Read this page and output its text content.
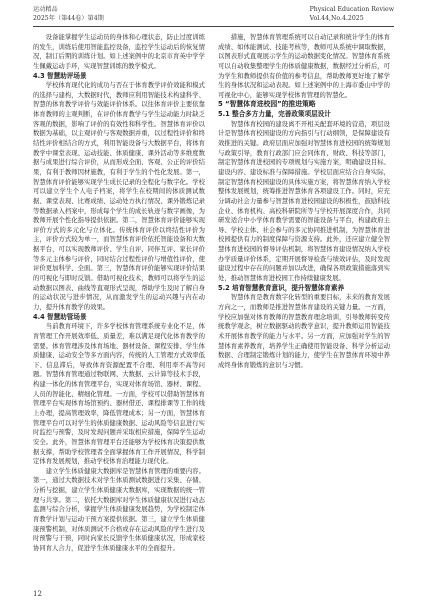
运动精品
2025年（第44卷）第4期
Physical Education Review
Vol.44,No.4.2025

设备能掌握学生运动员的身体和心理状态，防止过度训练的发生，训练后使用智能监控设备，监控学生运动后的恢复情况，制订后期的训练计划。如上述案例中的北京市育英中学学生佩戴运动手环，实现智慧训练的教学模式。

4.3 智慧助评场景

学校体育现代化的成功与否在于体育教学评价效能和模式的选择与建构，大数据时代，教师应利用智能技术构建科学、智慧的体育教学评价与效能评价体系。以往体育评价主要依靠体育教师的主观判断，在评价体育教学与学生运动能力时缺乏客观的数据，影响了评价的有效性和科学性。智慧体育评价以数据为基础，以主观评价与客观数据并重，以过程性评价和终结性评价相结合的方式，利用智能设备与大数据平台，将体育教学中课堂表现、运动技能、体质健康、课外活动等多维度数据与成果进行综合评价，从而形成全面、客观、公正的评价结果，有利于教师因材施教，有利于学生的个性化发展。第一，智慧体育评价能够实现学生成长记录的全程化与数字化。学校可以建立学生个人电子档案，将学生在校期间的体质测试数据、课堂表现、比赛成绩、运动处方执行情况、课外锻炼记录等数据录入档案中，形成每个学生的成长轨迹与数字画像，为教师开展个性化指导提供依据。第二，智慧体育评价能够实现评价方式的多元化与立体化。传统体育评价以终结性评价为主，评价方式较为单一，而智慧体育评价依托智能设备和大数据平台，可以实现教师评价、学生自评、同伴互评、家长评价等多元主体参与评价，同时结合过程性评价与增值性评价，使评价更加科学、全面。第三，智慧体育评价能够实现评价结果的可视化与即时反馈。借助可视化技术，教师可以将学生的运动数据以图表、曲线等直观形式呈现，帮助学生及时了解自身的运动状况与进步情况，从而激发学生的运动兴趣与内在动力，提升体育教学的效果。

4.4 智慧助管场景

当前教育环境下，许多学校体育管理系统专业化不足，体育管理工作开展效率低、质量差，难以满足现代化体育教学的需要。体育管理涉及体育场地、器材设备、课程安排、学生体质健康、运动安全等多方面内容，传统的人工管理方式效率低下、信息滞后，导致体育资源配置不合理、利用率不高等问题。智慧体育管理通过物联网、大数据、云计算等技术手段，构建一体化的体育管理平台，实现对体育场馆、器材、课程、人员的智能化、精细化管理。一方面，学校可以借助智慧体育管理平台实现体育场馆预约、器材借还、课程排课等工作的线上办理，提高管理效率，降低管理成本；另一方面，智慧体育管理平台可以对学生的体质健康数据、运动风险等信息进行实时监控与预警，及时发现问题并采取相应措施，保障学生运动安全。此外，智慧体育管理平台还能够为学校体育决策提供数据支撑，帮助学校管理者全面掌握体育工作开展情况，科学制定体育发展规划，推动学校体育治理能力现代化。

建立学生体质健康大数据库是智慧体育管理的重要内容。第一，通过大数据技术对学生体质测试数据进行采集、存储、分析与挖掘，建立学生体质健康大数据库，实现数据的统一管理与共享。第二，依托大数据库对学生体质健康状况进行动态监测与综合分析，掌握学生体质健康发展趋势，为学校制定体育教学计划与运动干预方案提供依据。第三，建立学生体质健康预警机制，对体质测试不合格或存在运动风险的学生进行及时预警与干预，同时向家长反馈学生体质健康状况，形成家校协同育人合力，促进学生体质健康水平的全面提升。

措施，智慧体育管理系统可以自动记录和统计学生的体育成绩、如体能测试、技能考核等，教师可从系统中调取数据，以图表形式直观展示学生的运动数据变化情况。智慧体育系统可以自动收集整理学生的体质健康数据，数据经过分析后，可为学生和教师提供有价值的参考信息，帮助教师更好地了解学生的身体状况和运动表现。如上述案例中的上海市委山中学的可视化中心，能够实现学校体育管理的智慧化。

5 “智慧体育进校园”的推进策略
5.1 整合多方力量，完善政策项层设计

智慧体育校园的建设离不开相关配套环境的营造，项层设计是智慧体育校园建设的方向指引与行动纲领，是保障建设有效推进的关键。政府层面应加强对智慧体育进校园的统筹规划与政策引导，教育行政部门应会同体育、财政、科技等部门，制定智慧体育进校园的专项规划与实施方案，明确建设目标、建设内容、建设标准与保障措施。学校层面应结合自身实际，制定智慧体育校园建设的具体实施方案，将智慧体育纳入学校整体发展规划，统筹推进智慧体育各项建设工作。同时，应充分调动社会力量参与智慧体育进校园建设的积极性，鼓励科技企业、体育机构、高校科研院所等与学校开展深度合作，共同研发适合中小学体育教学需要的智能设备与平台，构建政府主导、学校主体、社会参与的多元协同推进机制，为智慧体育进校园提供有力的制度保障与资源支持。此外，还应建立健全智慧体育进校园的督导评估机制，将智慧体育建设情况纳入学校办学质量评价体系，定期开展督导检查与绩效评估，及时发现建设过程中存在的问题并加以改进，确保各项政策措施落到实处，推动智慧体育进校园工作持续健康发展。

5.2 培育智慧教育意识，提升智慧体育素养

智慧体育是教育数字化转型的重要目标，未来的教育发展方向之一，而教师是推进智慧体育建设的关键力量。一方面，学校应加强对体育教师的智慧教育理念培训，引导教师转变传统教学观念，树立数据驱动的教学意识，提升教师运用智能技术开展体育教学的能力与水平。另一方面，应加强对学生的智慧体育素养教育，培养学生正确使用智能设备、科学分析运动数据、合理制定锻炼计划的能力，使学生在智慧体育环境中养成终身体育锻炼的意识与习惯。

12
